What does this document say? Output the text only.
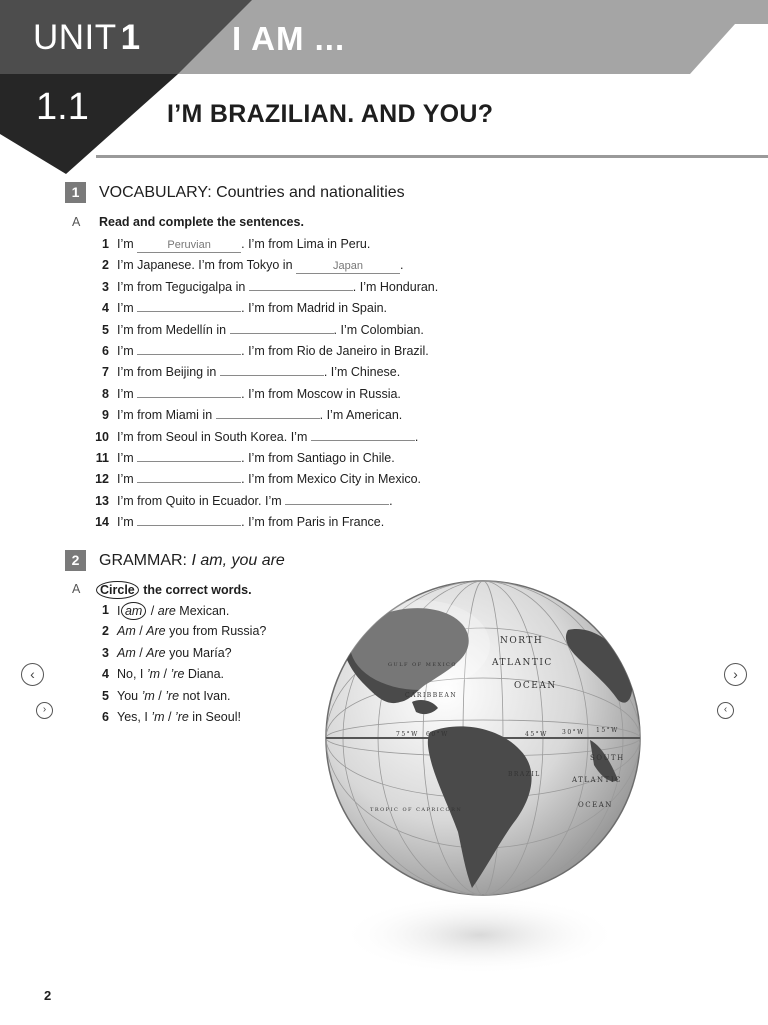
UNIT 1	I AM ...
1.1	I’M BRAZILIAN. AND YOU?
1	VOCABULARY: Countries and nationalities
A Read and complete the sentences.
1 I’m	Peruvian . I’m from Lima in Peru.
2 I’m Japanese. I’m from Tokyo in	Japan	.
3 I’m from Tegucigalpa in	. I’m Honduran.
4 I’m	. I’m from Madrid in Spain.
5 I’m from Medellín in	. I’m Colombian.
6 I’m	. I’m from Rio de Janeiro in Brazil.
7 I’m from Beijing in	. I’m Chinese.
8 I’m	. I’m from Moscow in Russia.
9 I’m from Miami in	. I’m American.
10 I’m from Seoul in South Korea. I’m	.
11 I’m	. I’m from Santiago in Chile.
12 I’m	. I’m from Mexico City in Mexico.
13 I’m from Quito in Ecuador. I’m	.
14 I’m	. I’m from Paris in France.
2	GRAMMAR: I am, you are
A Circle the correct words.
1 I am / are Mexican.
2 Am / Are you from Russia?
3 Am / Are you María?
4 No, I ’m / ’re Diana.
5 You ’m / ’re not Ivan.
6 Yes, I ’m / ’re in Seoul!
‹
›
›
‹
NORTH
ATLANTIC
OCEAN
SOUTH
ATLANTIC
OCEAN
CARIBBEAN
GULF OF MEXICO
TROPIC OF CAPRICORN
BRAZIL
75°W 60°W	45°W 30°W 15°W
2
